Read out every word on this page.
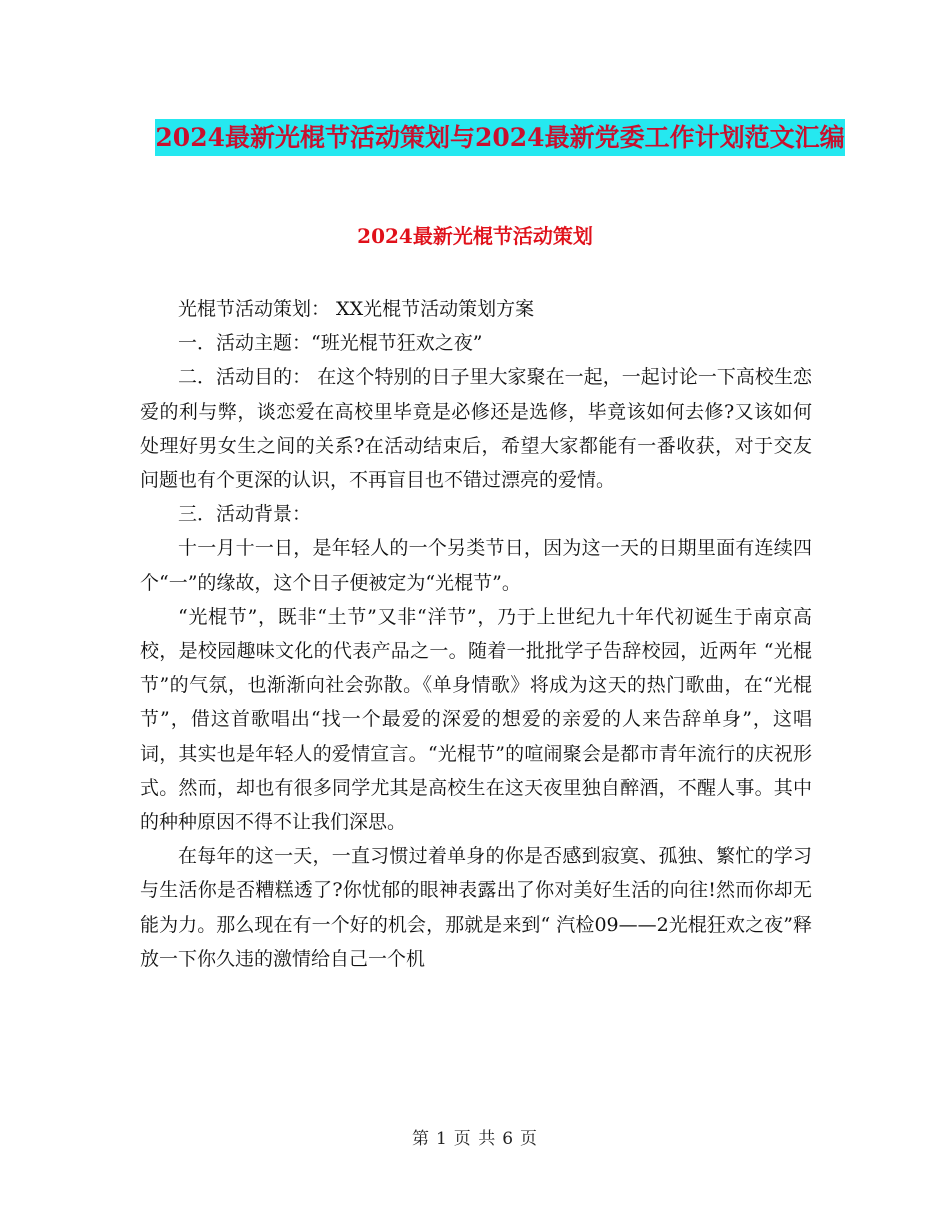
2024最新光棍节活动策划与2024最新党委工作计划范文汇编
2024最新光棍节活动策划

光棍节活动策划： XX光棍节活动策划方案

一．活动主题：“班光棍节狂欢之夜”

二．活动目的： 在这个特别的日子里大家聚在一起，一起讨论一下高校生恋爱的利与弊，谈恋爱在高校里毕竟是必修还是选修，毕竟该如何去修?又该如何处理好男女生之间的关系?在活动结束后，希望大家都能有一番收获，对于交友问题也有个更深的认识，不再盲目也不错过漂亮的爱情。

三．活动背景：

十一月十一日，是年轻人的一个另类节日，因为这一天的日期里面有连续四个“一”的缘故，这个日子便被定为“光棍节”。

“光棍节”，既非“土节”又非“洋节”，乃于上世纪九十年代初诞生于南京高校，是校园趣味文化的代表产品之一。随着一批批学子告辞校园，近两年 “光棍节”的气氛，也渐渐向社会弥散。《单身情歌》将成为这天的热门歌曲，在“光棍节”，借这首歌唱出“找一个最爱的深爱的想爱的亲爱的人来告辞单身”，这唱词，其实也是年轻人的爱情宣言。“光棍节”的喧闹聚会是都市青年流行的庆祝形式。然而，却也有很多同学尤其是高校生在这天夜里独自醉酒，不醒人事。其中的种种原因不得不让我们深思。

在每年的这一天，一直习惯过着单身的你是否感到寂寞、孤独、繁忙的学习与生活你是否糟糕透了?你忧郁的眼神表露出了你对美好生活的向往!然而你却无能为力。那么现在有一个好的机会，那就是来到“ 汽检09——2光棍狂欢之夜”释放一下你久违的激情给自己一个机

第 1 页 共 6 页
